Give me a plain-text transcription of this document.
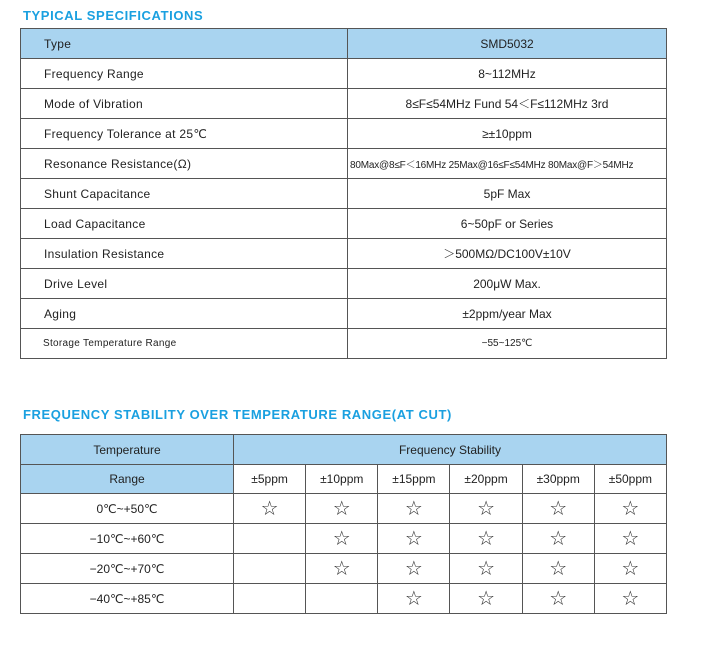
TYPICAL SPECIFICATIONS
Type	SMD5032
Frequency Range	8~112MHz
Mode of Vibration	8≤F≤54MHz Fund 54＜F≤112MHz 3rd
Frequency Tolerance at 25℃	≥±10ppm
Resonance Resistance(Ω)	80Max@8≤F＜16MHz 25Max@16≤F≤54MHz 80Max@F＞54MHz
Shunt Capacitance	5pF Max
Load Capacitance	6~50pF or Series
Insulation Resistance	＞500MΩ/DC100V±10V
Drive Level	200μW Max.
Aging	±2ppm/year Max
Storage Temperature Range	−55~125℃
FREQUENCY STABILITY OVER TEMPERATURE RANGE(AT CUT)
Temperature	Frequency Stability					
Range	±5ppm	±10ppm	±15ppm	±20ppm	±30ppm	±50ppm
0℃~+50℃	☆	☆	☆	☆	☆	☆
−10℃~+60℃		☆	☆	☆	☆	☆
−20℃~+70℃		☆	☆	☆	☆	☆
−40℃~+85℃			☆	☆	☆	☆
